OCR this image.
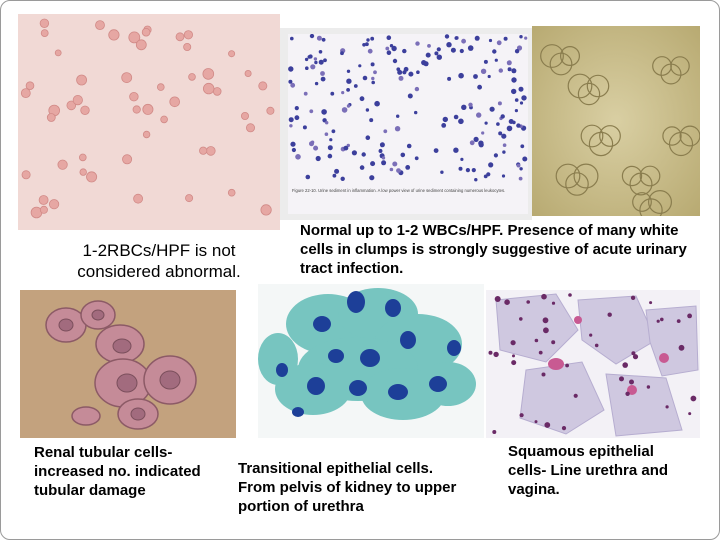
Figure 22-10. Urine sediment in inflammation. A low power view of urine sediment containing numerous leukocytes.
1-2RBCs/HPF is not considered abnormal.
Normal up to 1-2 WBCs/HPF. Presence of many white cells in clumps is strongly suggestive of acute urinary tract infection.
Renal tubular cells- increased no. indicated tubular damage
Transitional epithelial cells. From pelvis of kidney to upper portion of urethra
Squamous epithelial cells- Line urethra and vagina.
